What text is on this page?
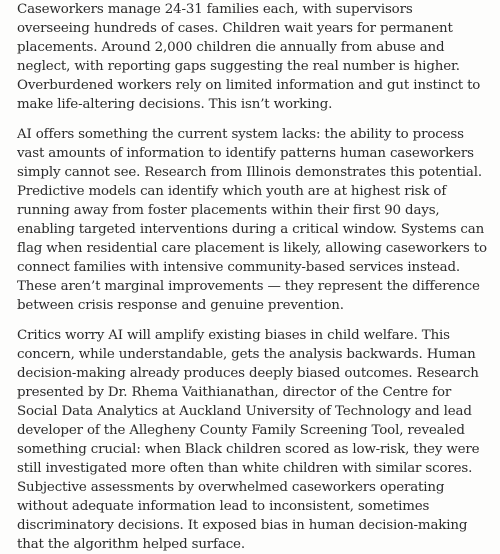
Caseworkers manage 24-31 families each, with supervisors overseeing hundreds of cases. Children wait years for permanent placements. Around 2,000 children die annually from abuse and neglect, with reporting gaps suggesting the real number is higher. Overburdened workers rely on limited information and gut instinct to make life-altering decisions. This isn’t working.

AI offers something the current system lacks: the ability to process vast amounts of information to identify patterns human caseworkers simply cannot see. Research from Illinois demonstrates this potential. Predictive models can identify which youth are at highest risk of running away from foster placements within their first 90 days, enabling targeted interventions during a critical window. Systems can flag when residential care placement is likely, allowing caseworkers to connect families with intensive community-based services instead. These aren’t marginal improvements — they represent the difference between crisis response and genuine prevention.

Critics worry AI will amplify existing biases in child welfare. This concern, while understandable, gets the analysis backwards. Human decision-making already produces deeply biased outcomes. Research presented by Dr. Rhema Vaithianathan, director of the Centre for Social Data Analytics at Auckland University of Technology and lead developer of the Allegheny County Family Screening Tool, revealed something crucial: when Black children scored as low-risk, they were still investigated more often than white children with similar scores. Subjective assessments by overwhelmed caseworkers operating without adequate information lead to inconsistent, sometimes discriminatory decisions. It exposed bias in human decision-making that the algorithm helped surface.
